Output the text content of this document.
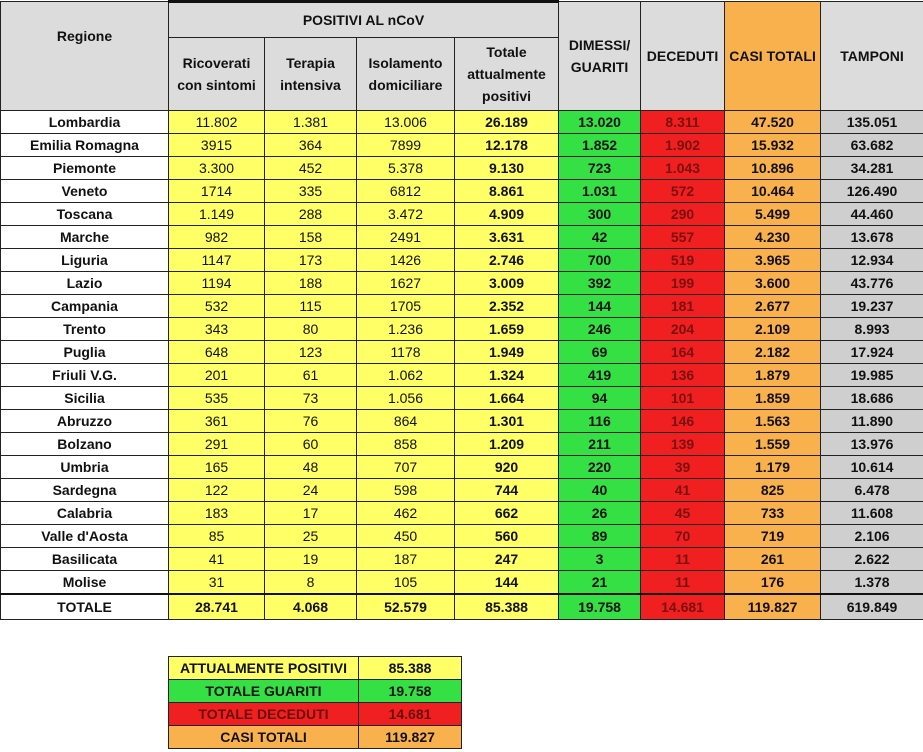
Regione	POSITIVI AL nCoV				DIMESSI/ GUARITI	DECEDUTI	CASI TOTALI	TAMPONI
	Ricoverati con sintomi	Terapia intensiva	Isolamento domiciliare	Totale attualmente positivi				
Lombardia	11.802	1.381	13.006	26.189	13.020	8.311	47.520	135.051
Emilia Romagna	3915	364	7899	12.178	1.852	1.902	15.932	63.682
Piemonte	3.300	452	5.378	9.130	723	1.043	10.896	34.281
Veneto	1714	335	6812	8.861	1.031	572	10.464	126.490
Toscana	1.149	288	3.472	4.909	300	290	5.499	44.460
Marche	982	158	2491	3.631	42	557	4.230	13.678
Liguria	1147	173	1426	2.746	700	519	3.965	12.934
Lazio	1194	188	1627	3.009	392	199	3.600	43.776
Campania	532	115	1705	2.352	144	181	2.677	19.237
Trento	343	80	1.236	1.659	246	204	2.109	8.993
Puglia	648	123	1178	1.949	69	164	2.182	17.924
Friuli V.G.	201	61	1.062	1.324	419	136	1.879	19.985
Sicilia	535	73	1.056	1.664	94	101	1.859	18.686
Abruzzo	361	76	864	1.301	116	146	1.563	11.890
Bolzano	291	60	858	1.209	211	139	1.559	13.976
Umbria	165	48	707	920	220	39	1.179	10.614
Sardegna	122	24	598	744	40	41	825	6.478
Calabria	183	17	462	662	26	45	733	11.608
Valle d'Aosta	85	25	450	560	89	70	719	2.106
Basilicata	41	19	187	247	3	11	261	2.622
Molise	31	8	105	144	21	11	176	1.378
TOTALE	28.741	4.068	52.579	85.388	19.758	14.681	119.827	619.849
ATTUALMENTE POSITIVI	85.388
TOTALE GUARITI	19.758
TOTALE DECEDUTI	14.681
CASI TOTALI	119.827
